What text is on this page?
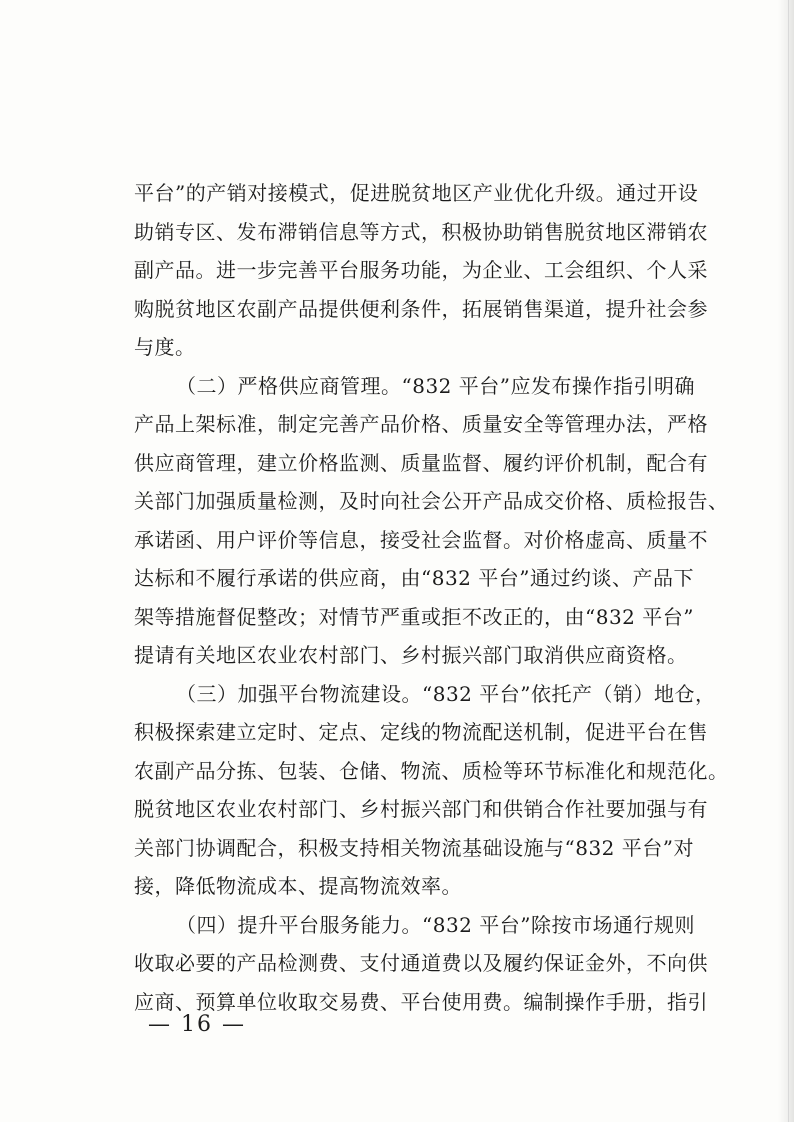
平台”的产销对接模式，促进脱贫地区产业优化升级。通过开设

助销专区、发布滞销信息等方式，积极协助销售脱贫地区滞销农

副产品。进一步完善平台服务功能，为企业、工会组织、个人采

购脱贫地区农副产品提供便利条件，拓展销售渠道，提升社会参

与度。

（二）严格供应商管理。“832 平台”应发布操作指引明确

产品上架标准，制定完善产品价格、质量安全等管理办法，严格

供应商管理，建立价格监测、质量监督、履约评价机制，配合有

关部门加强质量检测，及时向社会公开产品成交价格、质检报告、

承诺函、用户评价等信息，接受社会监督。对价格虚高、质量不

达标和不履行承诺的供应商，由“832 平台”通过约谈、产品下

架等措施督促整改；对情节严重或拒不改正的，由“832 平台”

提请有关地区农业农村部门、乡村振兴部门取消供应商资格。

（三）加强平台物流建设。“832 平台”依托产（销）地仓，

积极探索建立定时、定点、定线的物流配送机制，促进平台在售

农副产品分拣、包装、仓储、物流、质检等环节标准化和规范化。

脱贫地区农业农村部门、乡村振兴部门和供销合作社要加强与有

关部门协调配合，积极支持相关物流基础设施与“832 平台”对

接，降低物流成本、提高物流效率。

（四）提升平台服务能力。“832 平台”除按市场通行规则

收取必要的产品检测费、支付通道费以及履约保证金外，不向供

应商、预算单位收取交易费、平台使用费。编制操作手册，指引

— 16 —
